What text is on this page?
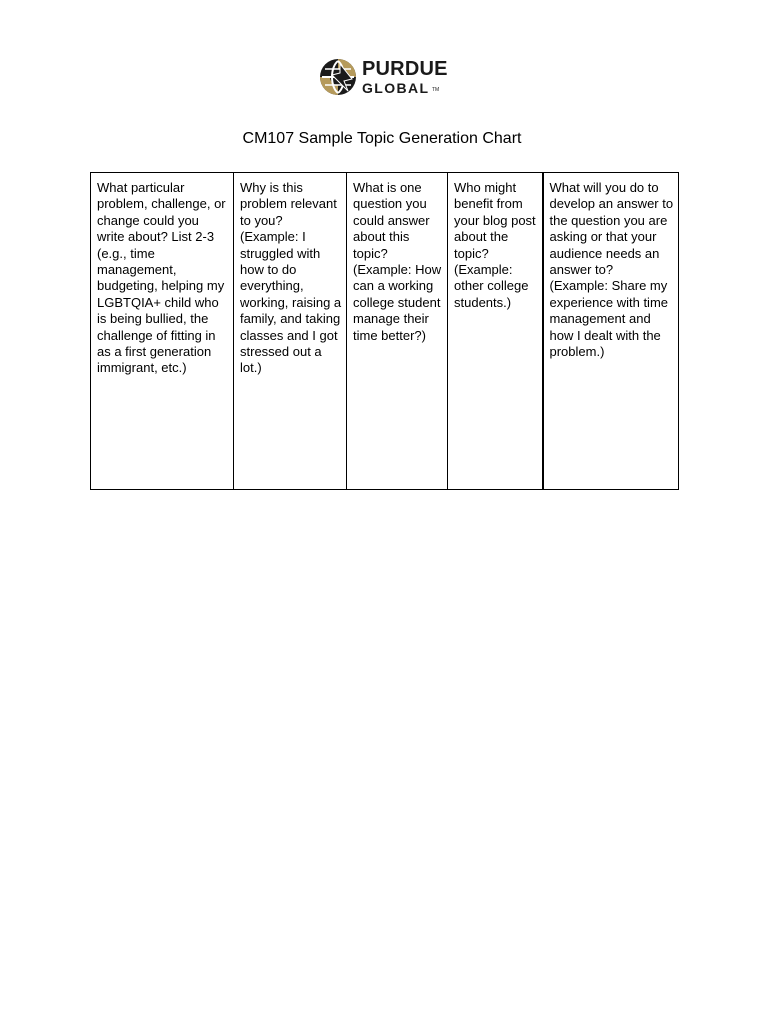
PURDUE
GLOBAL TM
CM107 Sample Topic Generation Chart
What particular problem, challenge, or change could you write about? List 2-3 (e.g., time management, budgeting, helping my LGBTQIA+ child who is being bullied, the challenge of fitting in as a first generation immigrant, etc.)	Why is this problem relevant to you? (Example: I struggled with how to do everything, working, raising a family, and taking classes and I got stressed out a lot.)	What is one question you could answer about this topic? (Example: How can a working college student manage their time better?)	Who might benefit from your blog post about the topic? (Example: other college students.)	What will you do to develop an answer to the question you are asking or that your audience needs an answer to? (Example: Share my experience with time management and how I dealt with the problem.)
